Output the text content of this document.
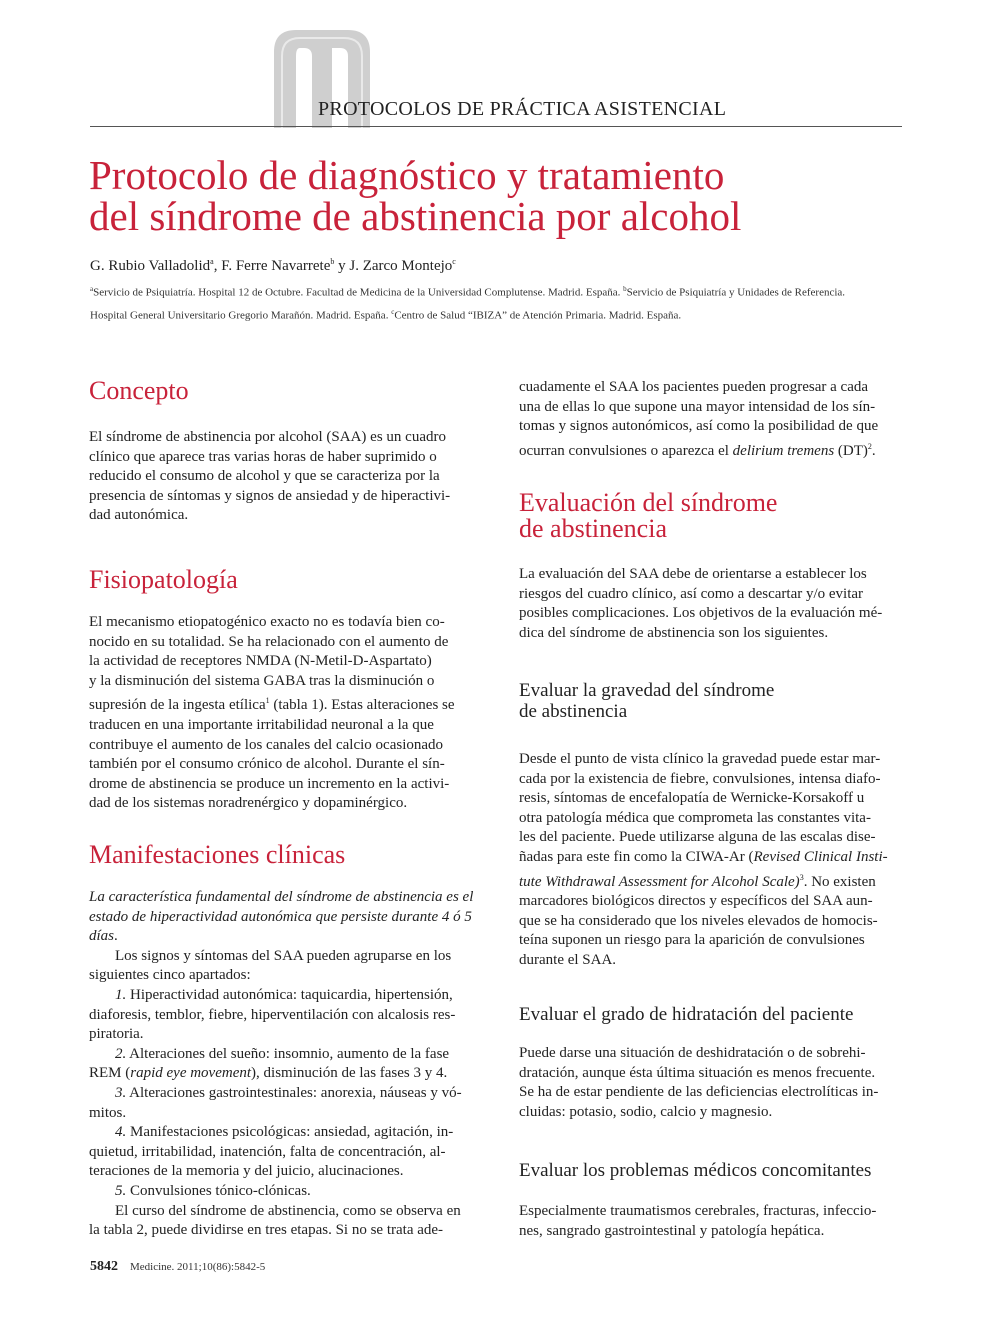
PROTOCOLOS DE PRÁCTICA ASISTENCIAL
Protocolo de diagnóstico y tratamiento
del síndrome de abstinencia por alcohol
G. Rubio Valladolid$^a$, F. Ferre Navarrete$^b$ y J. Zarco Montejo$^c$
$^a$Servicio de Psiquiatría. Hospital 12 de Octubre. Facultad de Medicina de la Universidad Complutense. Madrid. España. $^b$Servicio de Psiquiatría y Unidades de Referencia.
Hospital General Universitario Gregorio Marañón. Madrid. España. $^c$Centro de Salud “IBIZA” de Atención Primaria. Madrid. España.
Concepto

El síndrome de abstinencia por alcohol (SAA) es un cuadro
clínico que aparece tras varias horas de haber suprimido o
reducido el consumo de alcohol y que se caracteriza por la
presencia de síntomas y signos de ansiedad y de hiperactivi-
dad autonómica.

Fisiopatología

El mecanismo etiopatogénico exacto no es todavía bien co-
nocido en su totalidad. Se ha relacionado con el aumento de
la actividad de receptores NMDA (N-Metil-D-Aspartato)
y la disminución del sistema GABA tras la disminución o
supresión de la ingesta etílica$^1$ (tabla 1). Estas alteraciones se
traducen en una importante irritabilidad neuronal a la que
contribuye el aumento de los canales del calcio ocasionado
también por el consumo crónico de alcohol. Durante el sín-
drome de abstinencia se produce un incremento en la activi-
dad de los sistemas noradrenérgico y dopaminérgico.

Manifestaciones clínicas

La característica fundamental del síndrome de abstinencia es el
estado de hiperactividad autonómica que persiste durante 4 ó 5
días.
Los signos y síntomas del SAA pueden agruparse en los
siguientes cinco apartados:
1. Hiperactividad autonómica: taquicardia, hipertensión,
diaforesis, temblor, fiebre, hiperventilación con alcalosis res-
piratoria.
2. Alteraciones del sueño: insomnio, aumento de la fase
REM (rapid eye movement), disminución de las fases 3 y 4.
3. Alteraciones gastrointestinales: anorexia, náuseas y vó-
mitos.
4. Manifestaciones psicológicas: ansiedad, agitación, in-
quietud, irritabilidad, inatención, falta de concentración, al-
teraciones de la memoria y del juicio, alucinaciones.
5. Convulsiones tónico-clónicas.
El curso del síndrome de abstinencia, como se observa en
la tabla 2, puede dividirse en tres etapas. Si no se trata ade-

cuadamente el SAA los pacientes pueden progresar a cada
una de ellas lo que supone una mayor intensidad de los sín-
tomas y signos autonómicos, así como la posibilidad de que
ocurran convulsiones o aparezca el delirium tremens (DT)$^2$.

Evaluación del síndrome
de abstinencia

La evaluación del SAA debe de orientarse a establecer los
riesgos del cuadro clínico, así como a descartar y/o evitar
posibles complicaciones. Los objetivos de la evaluación mé-
dica del síndrome de abstinencia son los siguientes.

Evaluar la gravedad del síndrome
de abstinencia

Desde el punto de vista clínico la gravedad puede estar mar-
cada por la existencia de fiebre, convulsiones, intensa diafo-
resis, síntomas de encefalopatía de Wernicke-Korsakoff u
otra patología médica que comprometa las constantes vita-
les del paciente. Puede utilizarse alguna de las escalas dise-
ñadas para este fin como la CIWA-Ar (Revised Clinical Insti-
tute Withdrawal Assessment for Alcohol Scale)$^3$. No existen
marcadores biológicos directos y específicos del SAA aun-
que se ha considerado que los niveles elevados de homocis-
teína suponen un riesgo para la aparición de convulsiones
durante el SAA.

Evaluar el grado de hidratación del paciente

Puede darse una situación de deshidratación o de sobrehi-
dratación, aunque ésta última situación es menos frecuente.
Se ha de estar pendiente de las deficiencias electrolíticas in-
cluidas: potasio, sodio, calcio y magnesio.

Evaluar los problemas médicos concomitantes

Especialmente traumatismos cerebrales, fracturas, infeccio-
nes, sangrado gastrointestinal y patología hepática.

5842 Medicine. 2011;10(86):5842-5
